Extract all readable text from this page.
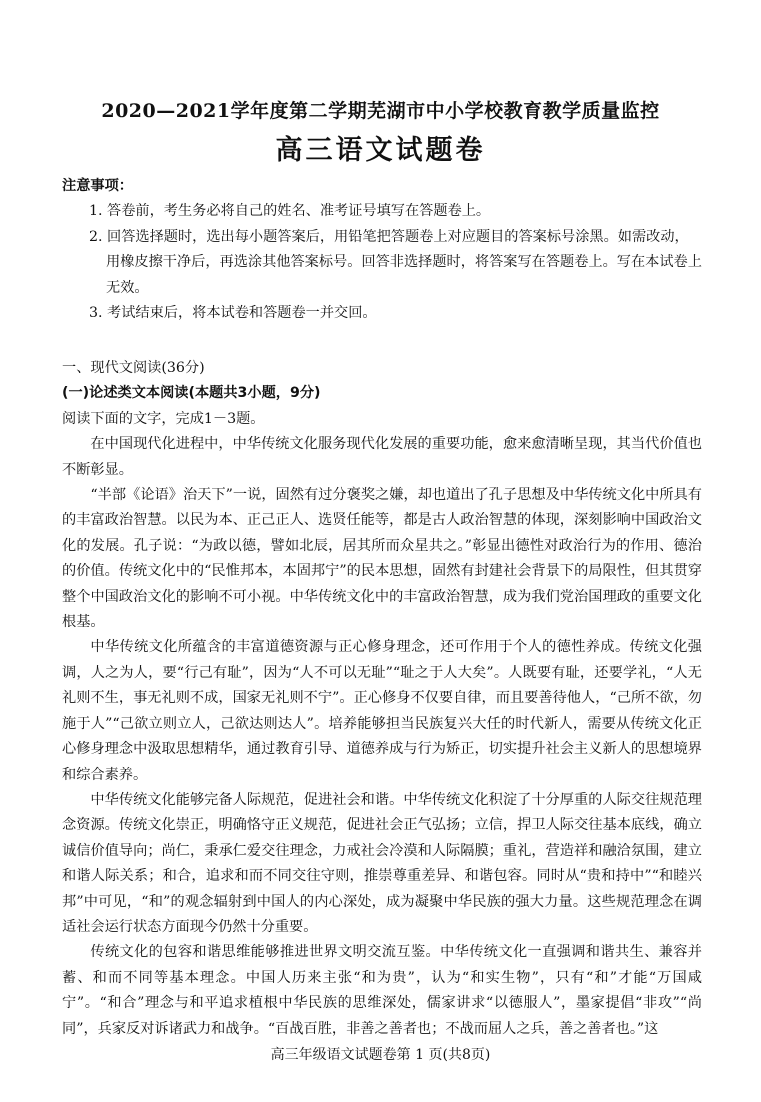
2020—2021学年度第二学期芜湖市中小学校教育教学质量监控
高三语文试题卷
注意事项：
1. 答卷前，考生务必将自己的姓名、准考证号填写在答题卷上。
2. 回答选择题时，选出每小题答案后，用铅笔把答题卷上对应题目的答案标号涂黑。如需改动，用橡皮擦干净后，再选涂其他答案标号。回答非选择题时，将答案写在答题卷上。写在本试卷上无效。
3. 考试结束后，将本试卷和答题卷一并交回。
一、现代文阅读(36分)
(一)论述类文本阅读(本题共3小题，9分)
阅读下面的文字，完成1－3题。
在中国现代化进程中，中华传统文化服务现代化发展的重要功能，愈来愈清晰呈现，其当代价值也不断彰显。
“半部《论语》治天下”一说，固然有过分褒奖之嫌，却也道出了孔子思想及中华传统文化中所具有的丰富政治智慧。以民为本、正己正人、选贤任能等，都是古人政治智慧的体现，深刻影响中国政治文化的发展。孔子说：“为政以德，譬如北辰，居其所而众星共之。”彰显出德性对政治行为的作用、德治的价值。传统文化中的“民惟邦本，本固邦宁”的民本思想，固然有封建社会背景下的局限性，但其贯穿整个中国政治文化的影响不可小视。中华传统文化中的丰富政治智慧，成为我们党治国理政的重要文化根基。
中华传统文化所蕴含的丰富道德资源与正心修身理念，还可作用于个人的德性养成。传统文化强调，人之为人，要“行己有耻”，因为“人不可以无耻”“耻之于人大矣”。人既要有耻，还要学礼，“人无礼则不生，事无礼则不成，国家无礼则不宁”。正心修身不仅要自律，而且要善待他人，“己所不欲，勿施于人”“己欲立则立人，己欲达则达人”。培养能够担当民族复兴大任的时代新人，需要从传统文化正心修身理念中汲取思想精华，通过教育引导、道德养成与行为矫正，切实提升社会主义新人的思想境界和综合素养。
中华传统文化能够完备人际规范，促进社会和谐。中华传统文化积淀了十分厚重的人际交往规范理念资源。传统文化崇正，明确恪守正义规范，促进社会正气弘扬；立信，捍卫人际交往基本底线，确立诚信价值导向；尚仁，秉承仁爱交往理念，力戒社会冷漠和人际隔膜；重礼，营造祥和融洽氛围，建立和谐人际关系；和合，追求和而不同交往守则，推崇尊重差异、和谐包容。同时从“贵和持中”“和睦兴邦”中可见，“和”的观念辐射到中国人的内心深处，成为凝聚中华民族的强大力量。这些规范理念在调适社会运行状态方面现今仍然十分重要。
传统文化的包容和谐思维能够推进世界文明交流互鉴。中华传统文化一直强调和谐共生、兼容并蓄、和而不同等基本理念。中国人历来主张“和为贵”，认为“和实生物”，只有“和”才能“万国咸宁”。“和合”理念与和平追求植根中华民族的思维深处，儒家讲求“以德服人”，墨家提倡“非攻”“尚同”，兵家反对诉诸武力和战争。“百战百胜，非善之善者也；不战而屈人之兵，善之善者也。”这
高三年级语文试题卷第 1 页(共8页)
